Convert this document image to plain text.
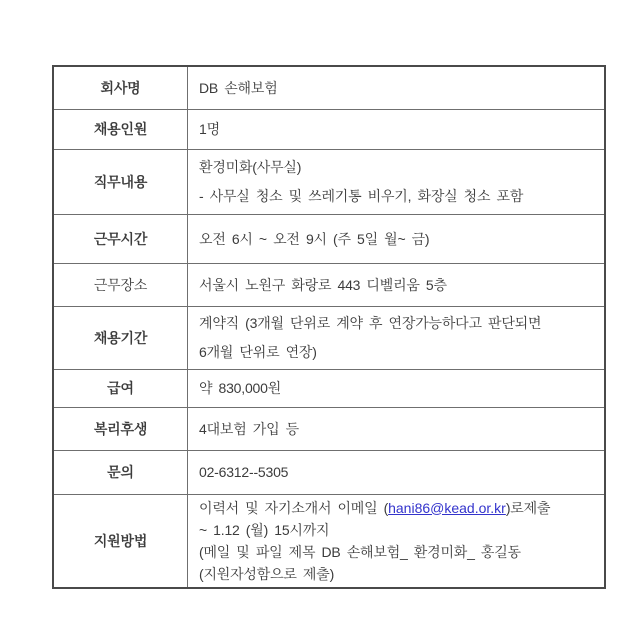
회사명	DB 손해보험
채용인원	1명
직무내용	환경미화(사무실)
- 사무실 청소 및 쓰레기통 비우기, 화장실 청소 포함

근무시간	오전 6시 ~ 오전 9시 (주 5일 월~ 금)
근무장소	서울시 노원구 화랑로 443 디벨리움 5층
채용기간	계약직 (3개월 단위로 계약 후 연장가능하다고 판단되면
6개월 단위로 연장)

급여	약 830,000원
복리후생	4대보험 가입 등
문의	02-6312--5305
지원방법	이력서 및 자기소개서 이메일 (hani86@kead.or.kr)로제출
~ 1.12 (월) 15시까지
(메일 및 파일 제목 DB 손해보험_ 환경미화_ 홍길동
(지원자성함으로 제출)
